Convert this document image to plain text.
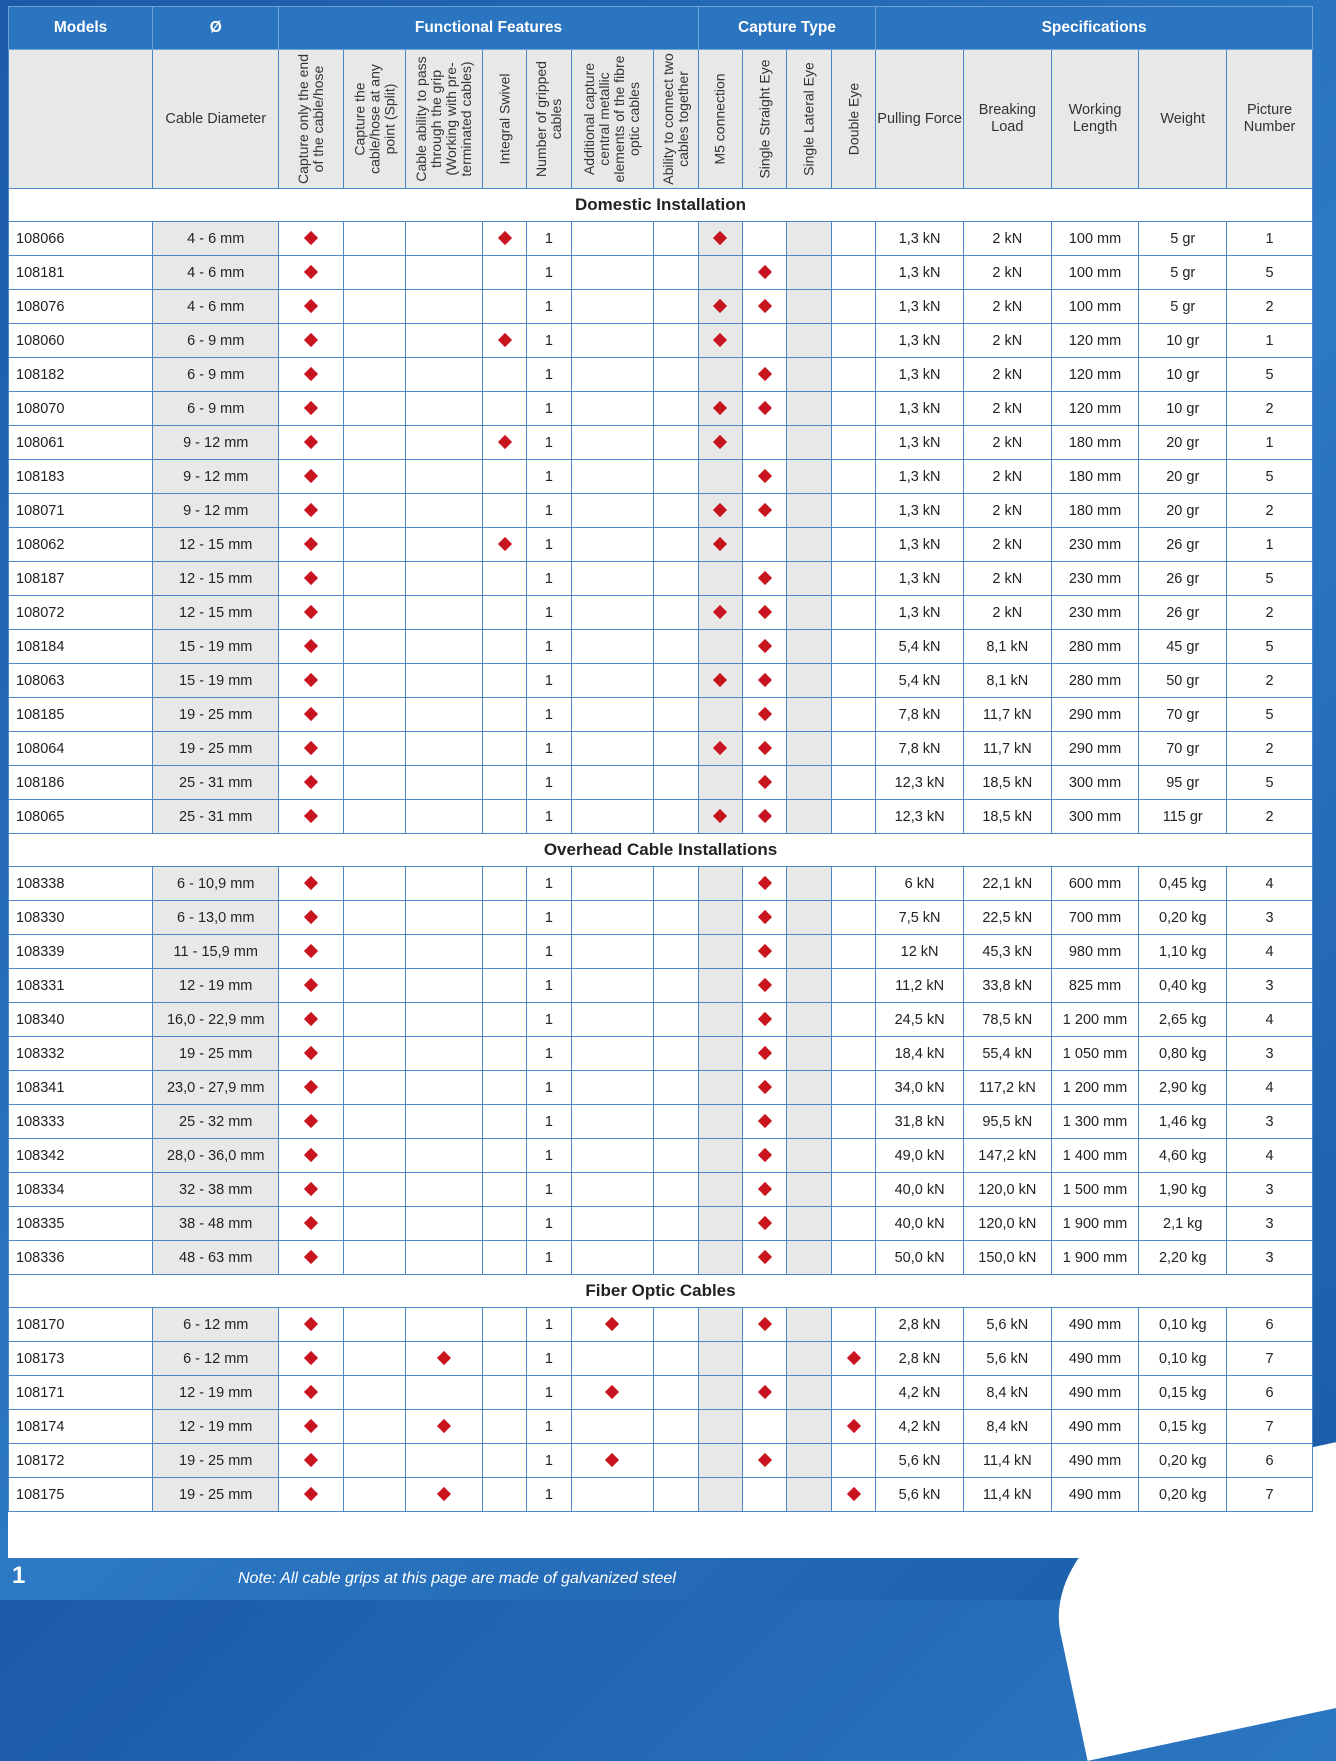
Models	Ø	Functional Features							Capture Type				Specifications				
	Cable Diameter	Capture only the end of the cable/hose	Capture the cable/hose at any point (Split)	Cable ability to pass through the grip (Working with pre-terminated cables)	Integral Swivel	Number of gripped cables	Additional capture central metallic elements of the fibre optic cables	Ability to connect two cables together	M5 connection	Single Straight Eye	Single Lateral Eye	Double Eye	Pulling Force	Breaking Load	Working Length	Weight	Picture Number
Domestic Installation																	
108066	4 - 6 mm					1							1,3 kN	2 kN	100 mm	5 gr	1
108181	4 - 6 mm					1							1,3 kN	2 kN	100 mm	5 gr	5
108076	4 - 6 mm					1							1,3 kN	2 kN	100 mm	5 gr	2
108060	6 - 9 mm					1							1,3 kN	2 kN	120 mm	10 gr	1
108182	6 - 9 mm					1							1,3 kN	2 kN	120 mm	10 gr	5
108070	6 - 9 mm					1							1,3 kN	2 kN	120 mm	10 gr	2
108061	9 - 12 mm					1							1,3 kN	2 kN	180 mm	20 gr	1
108183	9 - 12 mm					1							1,3 kN	2 kN	180 mm	20 gr	5
108071	9 - 12 mm					1							1,3 kN	2 kN	180 mm	20 gr	2
108062	12 - 15 mm					1							1,3 kN	2 kN	230 mm	26 gr	1
108187	12 - 15 mm					1							1,3 kN	2 kN	230 mm	26 gr	5
108072	12 - 15 mm					1							1,3 kN	2 kN	230 mm	26 gr	2
108184	15 - 19 mm					1							5,4 kN	8,1 kN	280 mm	45 gr	5
108063	15 - 19 mm					1							5,4 kN	8,1 kN	280 mm	50 gr	2
108185	19 - 25 mm					1							7,8 kN	11,7 kN	290 mm	70 gr	5
108064	19 - 25 mm					1							7,8 kN	11,7 kN	290 mm	70 gr	2
108186	25 - 31 mm					1							12,3 kN	18,5 kN	300 mm	95 gr	5
108065	25 - 31 mm					1							12,3 kN	18,5 kN	300 mm	115 gr	2
Overhead Cable Installations																	
108338	6 - 10,9 mm					1							6 kN	22,1 kN	600 mm	0,45 kg	4
108330	6 - 13,0 mm					1							7,5 kN	22,5 kN	700 mm	0,20 kg	3
108339	11 - 15,9 mm					1							12 kN	45,3 kN	980 mm	1,10 kg	4
108331	12 - 19 mm					1							11,2 kN	33,8 kN	825 mm	0,40 kg	3
108340	16,0 - 22,9 mm					1							24,5 kN	78,5 kN	1 200 mm	2,65 kg	4
108332	19 - 25 mm					1							18,4 kN	55,4 kN	1 050 mm	0,80 kg	3
108341	23,0 - 27,9 mm					1							34,0 kN	117,2 kN	1 200 mm	2,90 kg	4
108333	25 - 32 mm					1							31,8 kN	95,5 kN	1 300 mm	1,46 kg	3
108342	28,0 - 36,0 mm					1							49,0 kN	147,2 kN	1 400 mm	4,60 kg	4
108334	32 - 38 mm					1							40,0 kN	120,0 kN	1 500 mm	1,90 kg	3
108335	38 - 48 mm					1							40,0 kN	120,0 kN	1 900 mm	2,1 kg	3
108336	48 - 63 mm					1							50,0 kN	150,0 kN	1 900 mm	2,20 kg	3
Fiber Optic Cables																	
108170	6 - 12 mm					1							2,8 kN	5,6 kN	490 mm	0,10 kg	6
108173	6 - 12 mm					1							2,8 kN	5,6 kN	490 mm	0,10 kg	7
108171	12 - 19 mm					1							4,2 kN	8,4 kN	490 mm	0,15 kg	6
108174	12 - 19 mm					1							4,2 kN	8,4 kN	490 mm	0,15 kg	7
108172	19 - 25 mm					1							5,6 kN	11,4 kN	490 mm	0,20 kg	6
108175	19 - 25 mm					1							5,6 kN	11,4 kN	490 mm	0,20 kg	7
1	Note: All cable grips at this page are made of galvanized steel
